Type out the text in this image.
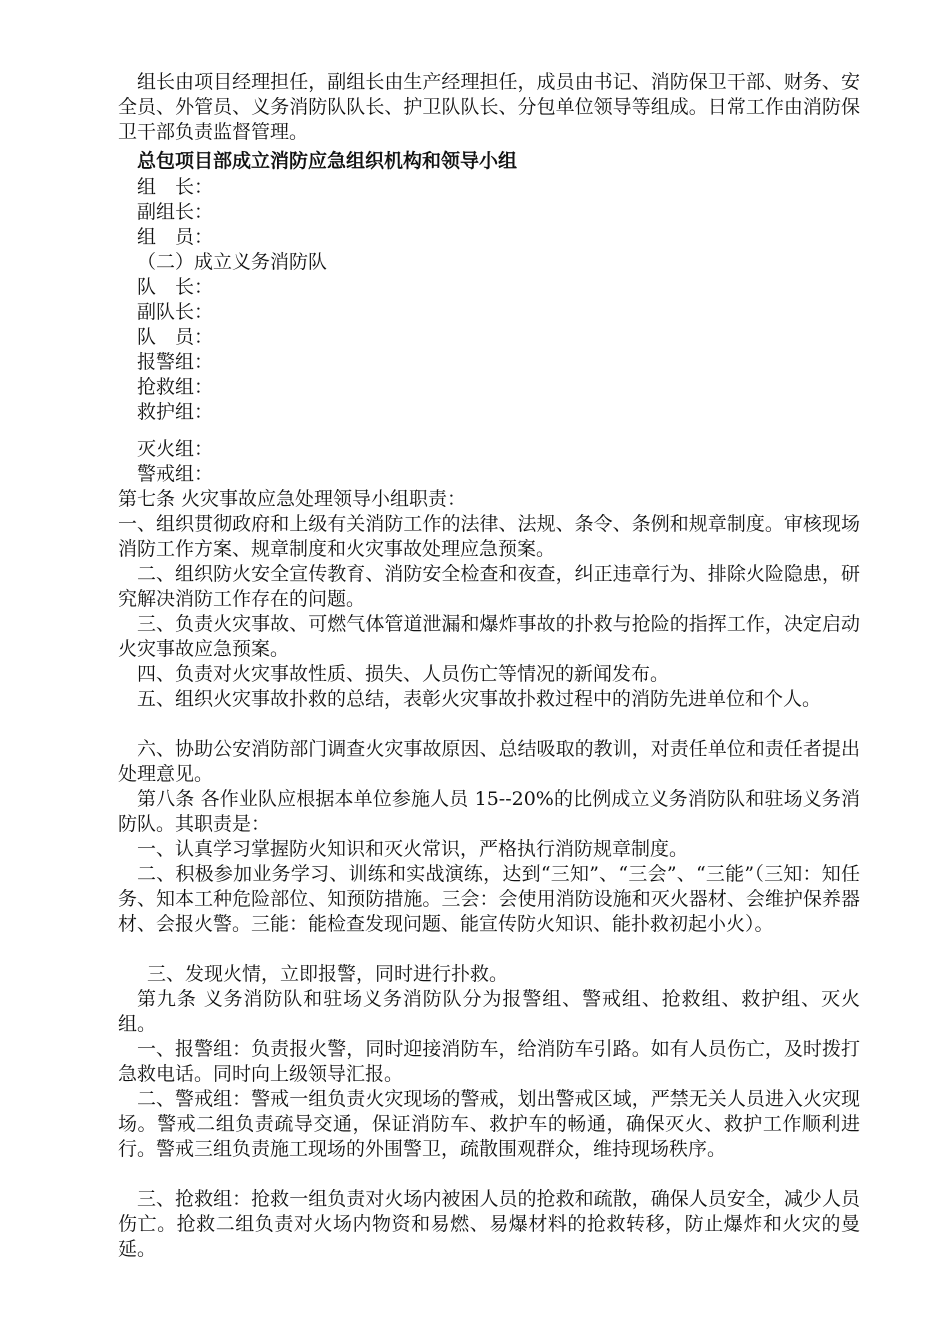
组长由项目经理担任，副组长由生产经理担任，成员由书记、消防保卫干部、财务、安全员、外管员、义务消防队队长、护卫队队长、分包单位领导等组成。日常工作由消防保卫干部负责监督管理。

总包项目部成立消防应急组织机构和领导小组

组　长：

副组长：

组　员：

（二）成立义务消防队

队　长：

副队长：

队　员：

报警组：

抢救组：

救护组：

灭火组：

警戒组：

第七条 火灾事故应急处理领导小组职责：

一、组织贯彻政府和上级有关消防工作的法律、法规、条令、条例和规章制度。审核现场消防工作方案、规章制度和火灾事故处理应急预案。

二、组织防火安全宣传教育、消防安全检查和夜查，纠正违章行为、排除火险隐患，研究解决消防工作存在的问题。

三、负责火灾事故、可燃气体管道泄漏和爆炸事故的扑救与抢险的指挥工作，决定启动火灾事故应急预案。

四、负责对火灾事故性质、损失、人员伤亡等情况的新闻发布。

五、组织火灾事故扑救的总结，表彰火灾事故扑救过程中的消防先进单位和个人。

六、协助公安消防部门调查火灾事故原因、总结吸取的教训，对责任单位和责任者提出处理意见。

第八条 各作业队应根据本单位参施人员 15--20%的比例成立义务消防队和驻场义务消防队。其职责是：

一、认真学习掌握防火知识和灭火常识，严格执行消防规章制度。

二、积极参加业务学习、训练和实战演练，达到“三知”、“三会”、“三能”（三知：知任务、知本工种危险部位、知预防措施。三会：会使用消防设施和灭火器材、会维护保养器材、会报火警。三能：能检查发现问题、能宣传防火知识、能扑救初起小火）。

三、发现火情，立即报警，同时进行扑救。

第九条 义务消防队和驻场义务消防队分为报警组、警戒组、抢救组、救护组、灭火组。

一、报警组：负责报火警，同时迎接消防车，给消防车引路。如有人员伤亡，及时拨打急救电话。同时向上级领导汇报。

二、警戒组：警戒一组负责火灾现场的警戒，划出警戒区域，严禁无关人员进入火灾现场。警戒二组负责疏导交通，保证消防车、救护车的畅通，确保灭火、救护工作顺利进行。警戒三组负责施工现场的外围警卫，疏散围观群众，维持现场秩序。

三、抢救组：抢救一组负责对火场内被困人员的抢救和疏散，确保人员安全，减少人员伤亡。抢救二组负责对火场内物资和易燃、易爆材料的抢救转移，防止爆炸和火灾的曼延。
